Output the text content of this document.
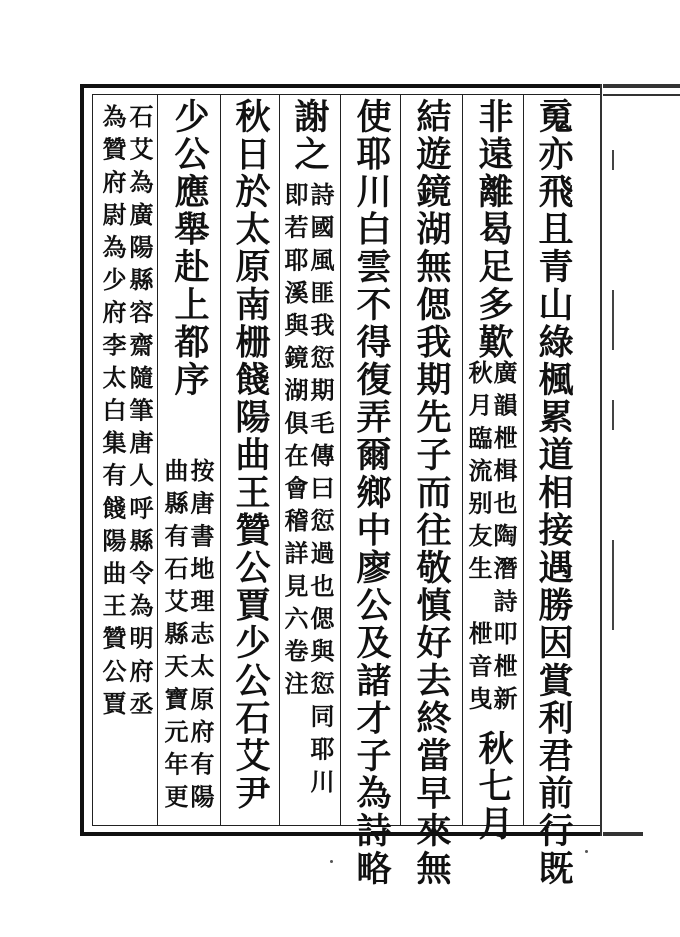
䰟亦飛且青山綠楓累道相接遇勝因賞利君前行既
非遠離曷足多歎
廣韻枻楫也陶潛詩叩枻新
秋月臨流别友生　枻音曳
秋七月
結遊鏡湖無偲我期先子而往敬慎好去終當早來無
使耶川白雲不得復弄爾鄉中廖公及諸才子為詩略
謝之
詩國風匪我愆期毛傳曰愆過也偲與愆同耶川
即若耶溪與鏡湖俱在會稽詳見六卷注
秋日於太原南栅餞陽曲王贊公賈少公石艾尹
少公應舉赴上都序
按唐書地理志太原府有陽
曲縣有石艾縣天寶元年更
石艾為廣陽縣容齋隨筆唐人呼縣令為明府丞
為贊府尉為少府李太白集有餞陽曲王贊公賈
